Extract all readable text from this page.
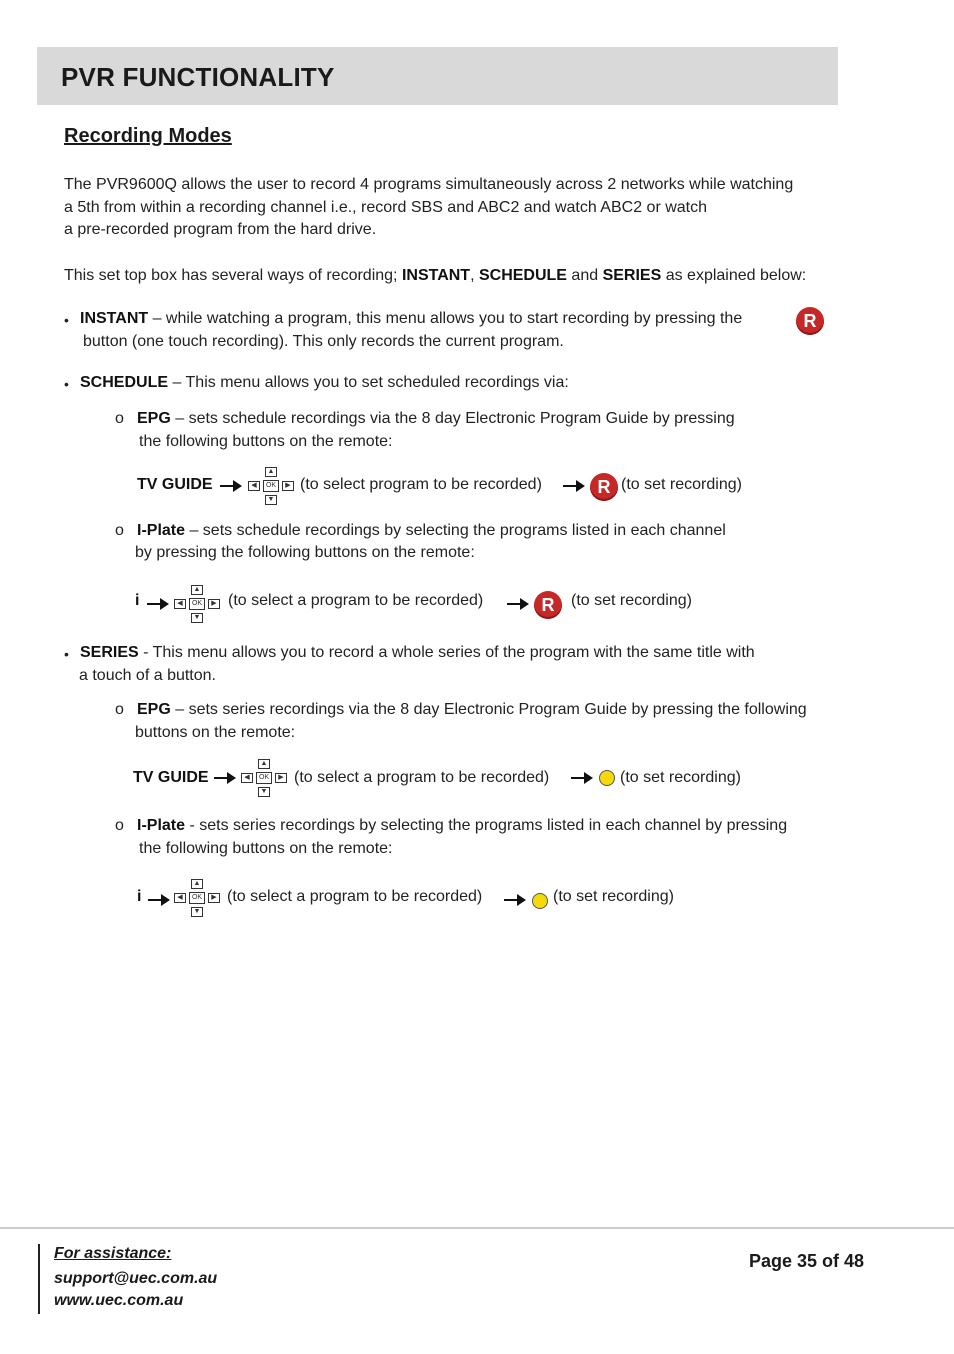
PVR FUNCTIONALITY
Recording Modes
The PVR9600Q allows the user to record 4 programs simultaneously across 2 networks while watching
a 5th from within a recording channel i.e., record SBS and ABC2 and watch ABC2 or watch
a pre-recorded program from the hard drive.
This set top box has several ways of recording; INSTANT, SCHEDULE and SERIES as explained below:
• INSTANT – while watching a program, this menu allows you to start recording by pressing the	R
button (one touch recording). This only records the current program.
• SCHEDULE – This menu allows you to set scheduled recordings via:
o EPG – sets schedule recordings via the 8 day Electronic Program Guide by pressing
the following buttons on the remote:
TV GUIDE
▲
◀	OK	▶
▼
(to select program to be recorded)	R (to set recording)
o I-Plate – sets schedule recordings by selecting the programs listed in each channel
by pressing the following buttons on the remote:
i
▲
◀	OK	▶
▼
(to select a program to be recorded)	R	(to set recording)
• SERIES - This menu allows you to record a whole series of the program with the same title with
a touch of a button.
o EPG – sets series recordings via the 8 day Electronic Program Guide by pressing the following
buttons on the remote:
TV GUIDE
▲
◀	OK	▶
▼
(to select a program to be recorded)	(to set recording)
o I-Plate - sets series recordings by selecting the programs listed in each channel by pressing
the following buttons on the remote:
i
▲
◀	OK	▶
▼
(to select a program to be recorded)	(to set recording)
For assistance:
support@uec.com.au
www.uec.com.au
Page 35 of 48
